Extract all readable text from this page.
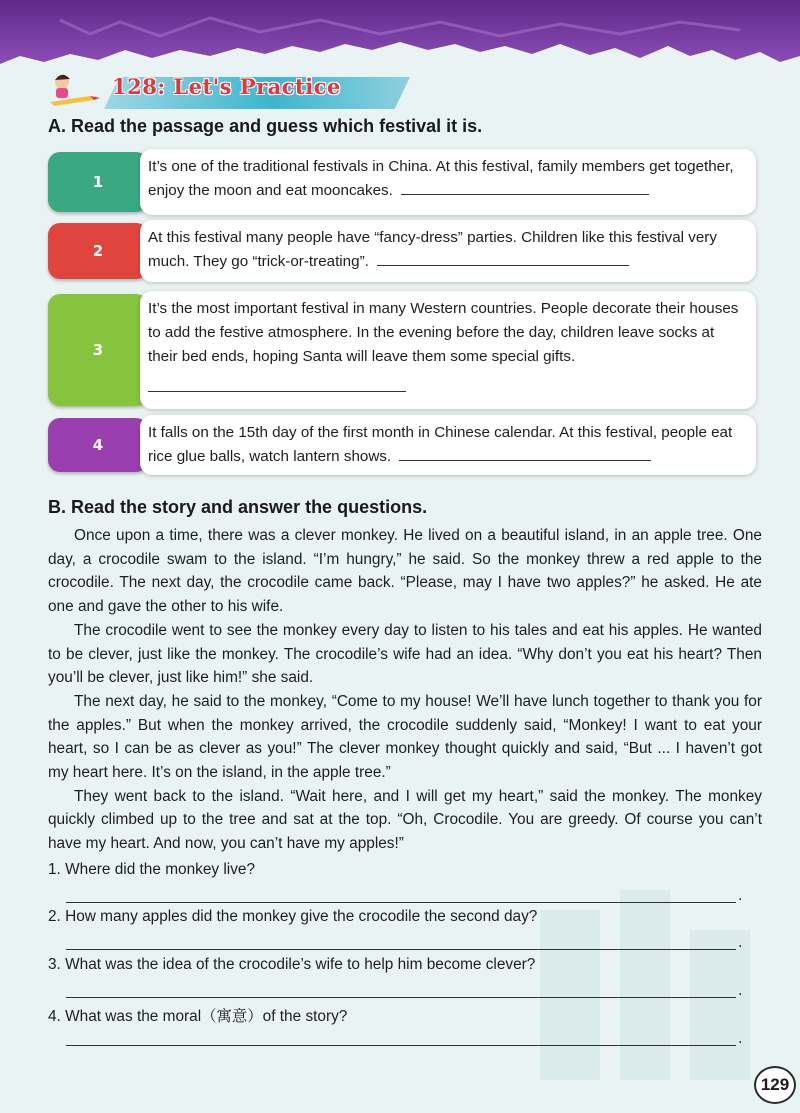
128: Let's Practice
A. Read the passage and guess which festival it is.
1
It’s one of the traditional festivals in China. At this festival, family members get together, enjoy the moon and eat mooncakes.
2
At this festival many people have “fancy-dress” parties. Children like this festival very much. They go “trick-or-treating”.
3
It’s the most important festival in many Western countries. People decorate their houses to add the festive atmosphere. In the evening before the day, children leave socks at their bed ends, hoping Santa will leave them some special gifts.

4
It falls on the 15th day of the first month in Chinese calendar. At this festival, people eat rice glue balls, watch lantern shows.
B. Read the story and answer the questions.

Once upon a time, there was a clever monkey. He lived on a beautiful island, in an apple tree. One day, a crocodile swam to the island. “I’m hungry,” he said. So the monkey threw a red apple to the crocodile. The next day, the crocodile came back. “Please, may I have two apples?” he asked. He ate one and gave the other to his wife.

The crocodile went to see the monkey every day to listen to his tales and eat his apples. He wanted to be clever, just like the monkey. The crocodile’s wife had an idea. “Why don’t you eat his heart? Then you’ll be clever, just like him!” she said.

The next day, he said to the monkey, “Come to my house! We’ll have lunch together to thank you for the apples.” But when the monkey arrived, the crocodile suddenly said, “Monkey! I want to eat your heart, so I can be as clever as you!” The clever monkey thought quickly and said, “But ... I haven’t got my heart here. It’s on the island, in the apple tree.”

They went back to the island. “Wait here, and I will get my heart,” said the monkey. The monkey quickly climbed up to the tree and sat at the top. “Oh, Crocodile. You are greedy. Of course you can’t have my heart. And now, you can’t have my apples!”

1. Where did the monkey live?
.
2. How many apples did the monkey give the crocodile the second day?
.
3. What was the idea of the crocodile’s wife to help him become clever?
.
4. What was the moral（寓意）of the story?
.
129
